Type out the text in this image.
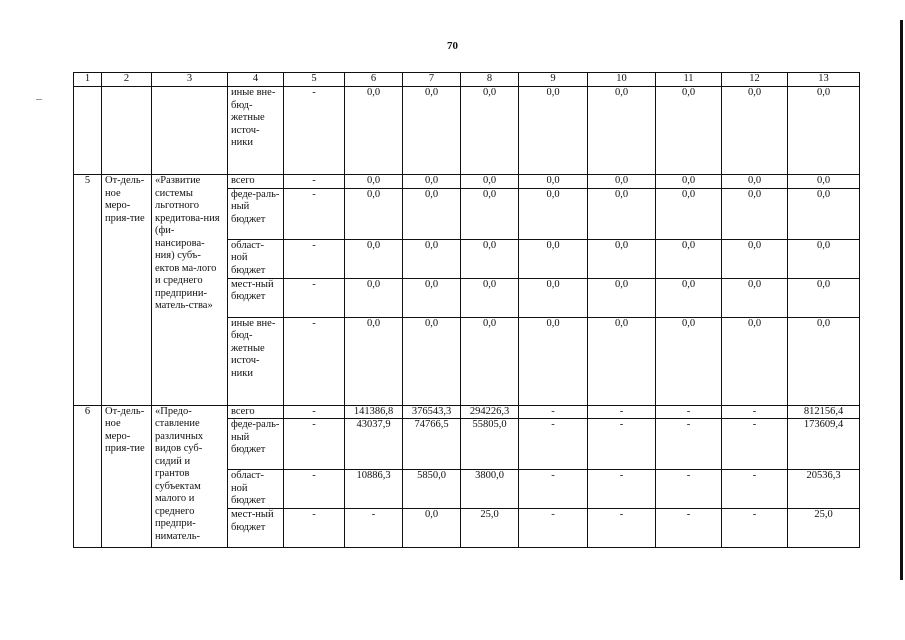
70
1	2	3	4	5	6	7	8	9	10	11	12	13
			иные вне-бюд-жетные источ-ники	-	0,0	0,0	0,0	0,0	0,0	0,0	0,0	0,0
5	От-дель-ное меро-прия-тие	«Развитие системы льготного кредитова-ния (фи-нансирова-ния) субъ-ектов ма-лого и среднего предприни-матель-ства»	всего	-	0,0	0,0	0,0	0,0	0,0	0,0	0,0	0,0
			феде-раль-ный бюджет	-	0,0	0,0	0,0	0,0	0,0	0,0	0,0	0,0
			област-ной бюджет	-	0,0	0,0	0,0	0,0	0,0	0,0	0,0	0,0
			мест-ный бюджет	-	0,0	0,0	0,0	0,0	0,0	0,0	0,0	0,0
			иные вне-бюд-жетные источ-ники	-	0,0	0,0	0,0	0,0	0,0	0,0	0,0	0,0
6	От-дель-ное меро-прия-тие	«Предо-ставление различных видов суб-сидий и грантов субъектам малого и среднего предпри-ниматель-	всего	-	141386,8	376543,3	294226,3	-	-	-	-	812156,4
			феде-раль-ный бюджет	-	43037,9	74766,5	55805,0	-	-	-	-	173609,4
			област-ной бюджет	-	10886,3	5850,0	3800,0	-	-	-	-	20536,3
			мест-ный бюджет	-	-	0,0	25,0	-	-	-	-	25,0
